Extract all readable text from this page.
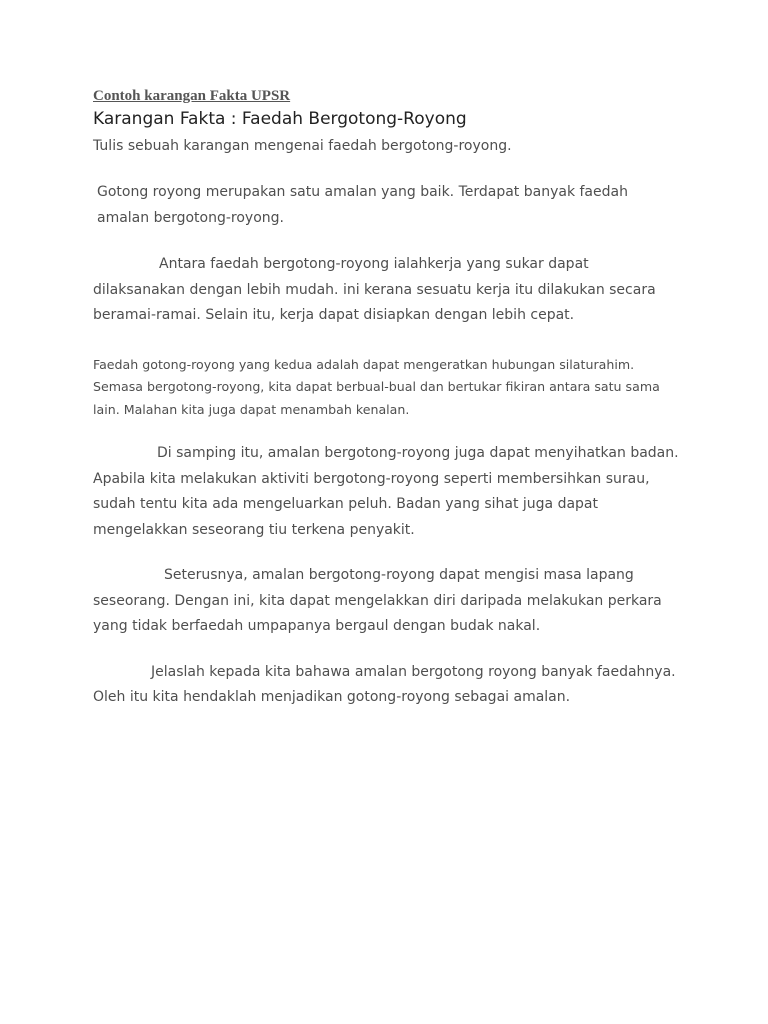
Contoh karangan Fakta UPSR
Karangan Fakta : Faedah Bergotong-Royong

Tulis sebuah karangan mengenai faedah bergotong-royong.

Gotong royong merupakan satu amalan yang baik. Terdapat banyak faedah amalan bergotong-royong.

Antara faedah bergotong-royong ialahkerja yang sukar dapat dilaksanakan dengan lebih mudah. ini kerana sesuatu kerja itu dilakukan secara beramai-ramai. Selain itu, kerja dapat disiapkan dengan lebih cepat.

Faedah gotong-royong yang kedua adalah dapat mengeratkan hubungan silaturahim. Semasa bergotong-royong, kita dapat berbual-bual dan bertukar fikiran antara satu sama lain. Malahan kita juga dapat menambah kenalan.

Di samping itu, amalan bergotong-royong juga dapat menyihatkan badan. Apabila kita melakukan aktiviti bergotong-royong seperti membersihkan surau, sudah tentu kita ada mengeluarkan peluh. Badan yang sihat juga dapat mengelakkan seseorang tiu terkena penyakit.

Seterusnya, amalan bergotong-royong dapat mengisi masa lapang seseorang. Dengan ini, kita dapat mengelakkan diri daripada melakukan perkara yang tidak berfaedah umpapanya bergaul dengan budak nakal.

Jelaslah kepada kita bahawa amalan bergotong royong banyak faedahnya. Oleh itu kita hendaklah menjadikan gotong-royong sebagai amalan.
